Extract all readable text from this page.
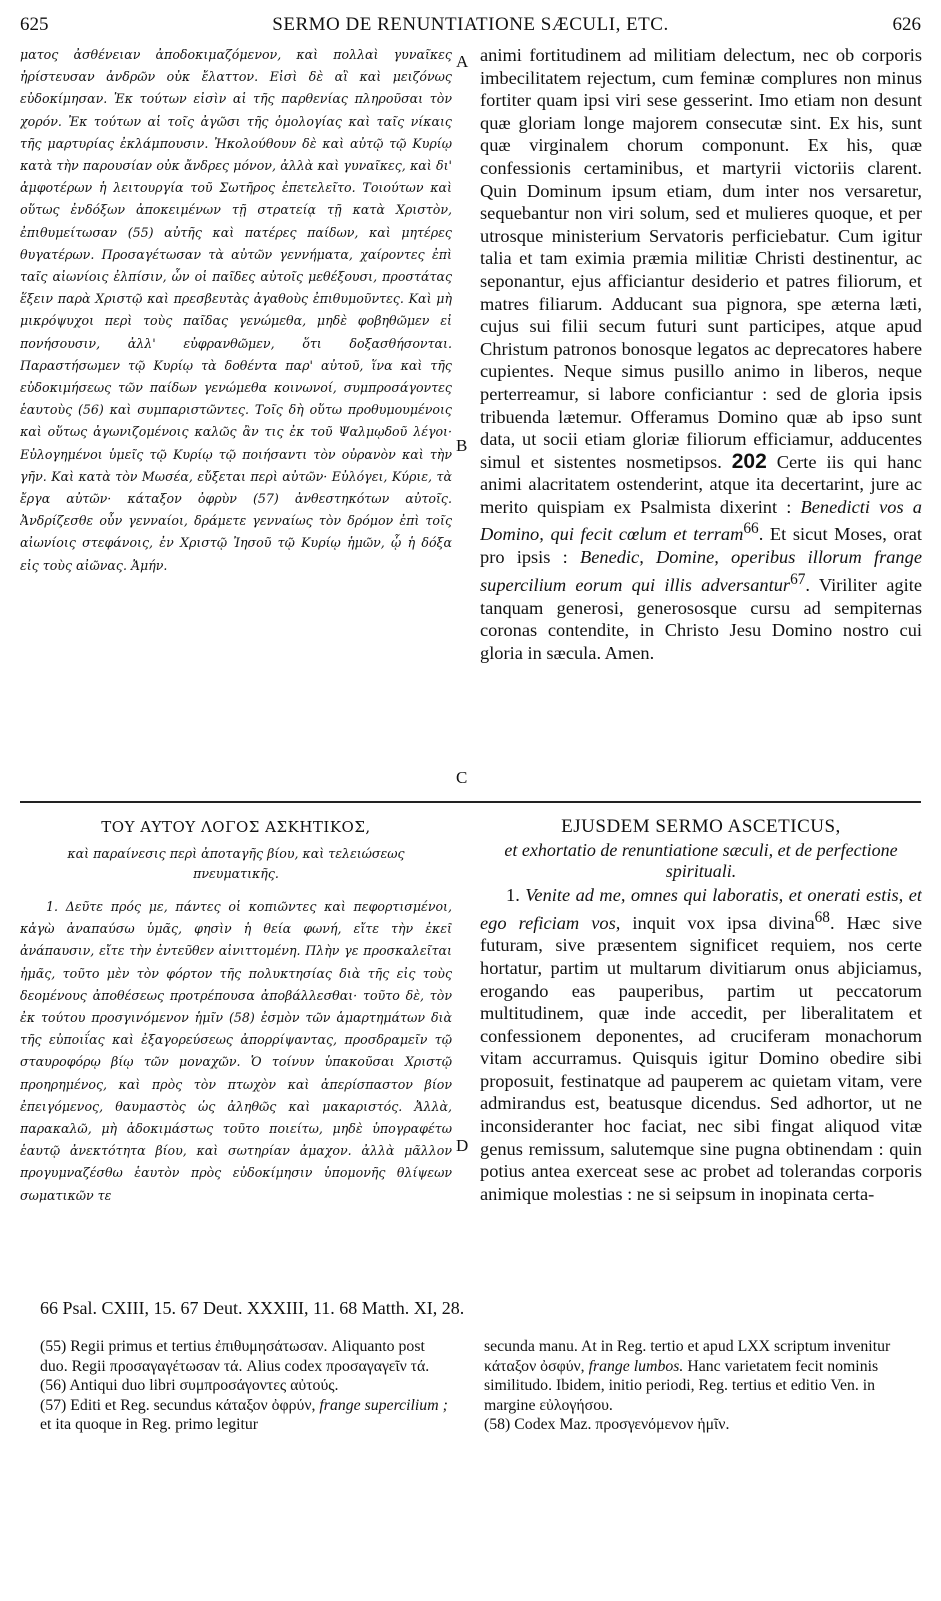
625	SERMO DE RENUNTIATIONE SÆCULI, ETC.	626

ματος ἀσθένειαν ἀποδοκιμαζόμενον, καὶ πολλαὶ γυναῖκες ἠρίστευσαν ἀνδρῶν οὐκ ἔλαττον. Εἰσὶ δὲ αἳ καὶ μειζόνως εὐδοκίμησαν. Ἐκ τούτων εἰσὶν αἱ τῆς παρθενίας πληροῦσαι τὸν χορόν. Ἐκ τούτων αἱ τοῖς ἀγῶσι τῆς ὁμολογίας καὶ ταῖς νίκαις τῆς μαρτυρίας ἐκλάμπουσιν. Ἠκολούθουν δὲ καὶ αὐτῷ τῷ Κυρίῳ κατὰ τὴν παρουσίαν οὐκ ἄνδρες μόνον, ἀλλὰ καὶ γυναῖκες, καὶ δι' ἀμφοτέρων ἡ λειτουργία τοῦ Σωτῆρος ἐπετελεῖτο. Τοιούτων καὶ οὕτως ἐνδόξων ἀποκειμένων τῇ στρατείᾳ τῇ κατὰ Χριστὸν, ἐπιθυμείτωσαν (55) αὐτῆς καὶ πατέρες παίδων, καὶ μητέρες θυγατέρων. Προσαγέτωσαν τὰ αὐτῶν γεννήματα, χαίροντες ἐπὶ ταῖς αἰωνίοις ἐλπίσιν, ὧν οἱ παῖδες αὐτοῖς μεθέξουσι, προστάτας ἕξειν παρὰ Χριστῷ καὶ πρεσβευτὰς ἀγαθοὺς ἐπιθυμοῦντες. Καὶ μὴ μικρόψυχοι περὶ τοὺς παῖδας γενώμεθα, μηδὲ φοβηθῶμεν εἰ πονήσουσιν, ἀλλ' εὐφρανθῶμεν, ὅτι δοξασθήσονται. Παραστήσωμεν τῷ Κυρίῳ τὰ δοθέντα παρ' αὐτοῦ, ἵνα καὶ τῆς εὐδοκιμήσεως τῶν παίδων γενώμεθα κοινωνοί, συμπροσάγοντες ἑαυτοὺς (56) καὶ συμπαριστῶντες. Τοῖς δὴ οὕτω προθυμουμένοις καὶ οὕτως ἀγωνιζομένοις καλῶς ἂν τις ἐκ τοῦ Ψαλμῳδοῦ λέγοι· Εὐλογημένοι ὑμεῖς τῷ Κυρίῳ τῷ ποιήσαντι τὸν οὐρανὸν καὶ τὴν γῆν. Καὶ κατὰ τὸν Μωσέα, εὔξεται περὶ αὐτῶν· Εὐλόγει, Κύριε, τὰ ἔργα αὐτῶν· κάταξον ὀφρὺν (57) ἀνθεστηκότων αὐτοῖς. Ἀνδρίζεσθε οὖν γενναίοι, δράμετε γενναίως τὸν δρόμον ἐπὶ τοῖς αἰωνίοις στεφάνοις, ἐν Χριστῷ Ἰησοῦ τῷ Κυρίῳ ἡμῶν, ᾧ ἡ δόξα εἰς τοὺς αἰῶνας. Ἀμήν.

A
B
C
D

animi fortitudinem ad militiam delectum, nec ob corporis imbecilitatem rejectum, cum feminæ complures non minus fortiter quam ipsi viri sese gesserint. Imo etiam non desunt quæ gloriam longe majorem consecutæ sint. Ex his, sunt quæ virginalem chorum componunt. Ex his, quæ confessionis certaminibus, et martyrii victoriis clarent. Quin Dominum ipsum etiam, dum inter nos versaretur, sequebantur non viri solum, sed et mulieres quoque, et per utrosque ministerium Servatoris perficiebatur. Cum igitur talia et tam eximia præmia militiæ Christi destinentur, ac seponantur, ejus afficiantur desiderio et patres filiorum, et matres filiarum. Adducant sua pignora, spe æterna læti, cujus sui filii secum futuri sunt participes, atque apud Christum patronos bonosque legatos ac deprecatores habere cupientes. Neque simus pusillo animo in liberos, neque perterreamur, si labore conficiantur : sed de gloria ipsis tribuenda lætemur. Offeramus Domino quæ ab ipso sunt data, ut socii etiam gloriæ filiorum efficiamur, adducentes simul et sistentes nosmetipsos. 202 Certe iis qui hanc animi alacritatem ostenderint, atque ita decertarint, jure ac merito quispiam ex Psalmista dixerint : Benedicti vos a Domino, qui fecit cœlum et terram$^{66}$. Et sicut Moses, orat pro ipsis : Benedic, Domine, operibus illorum frange supercilium eorum qui illis adversantur$^{67}$. Viriliter agite tanquam generosi, generososque cursu ad sempiternas coronas contendite, in Christo Jesu Domino nostro cui gloria in sæcula. Amen.

ΤΟΥ ΑΥΤΟΥ ΛΟΓΟΣ ΑΣΚΗΤΙΚΟΣ,
καὶ παραίνεσις περὶ ἀποταγῆς βίου, καὶ τελειώσεως πνευματικῆς.
EJUSDEM SERMO ASCETICUS,
et exhortatio de renuntiatione sæculi, et de perfectione spirituali.

1. Δεῦτε πρός με, πάντες οἱ κοπιῶντες καὶ πεφορτισμένοι, κἀγὼ ἀναπαύσω ὑμᾶς, φησὶν ἡ θεία φωνή, εἴτε τὴν ἐκεῖ ἀνάπαυσιν, εἴτε τὴν ἐντεῦθεν αἰνιττομένη. Πλὴν γε προσκαλεῖται ἡμᾶς, τοῦτο μὲν τὸν φόρτον τῆς πολυκτησίας διὰ τῆς εἰς τοὺς δεομένους ἀποθέσεως προτρέπουσα ἀποβάλλεσθαι· τοῦτο δὲ, τὸν ἐκ τούτου προσγινόμενον ἡμῖν (58) ἐσμὸν τῶν ἁμαρτημάτων διὰ τῆς εὐποιΐας καὶ ἐξαγορεύσεως ἀπορρίψαντας, προσδραμεῖν τῷ σταυροφόρῳ βίῳ τῶν μοναχῶν. Ὁ τοίνυν ὑπακοῦσαι Χριστῷ προηρημένος, καὶ πρὸς τὸν πτωχὸν καὶ ἀπερίσπαστον βίον ἐπειγόμενος, θαυμαστὸς ὡς ἀληθῶς καὶ μακαριστός. Ἀλλὰ, παρακαλῶ, μὴ ἀδοκιμάστως τοῦτο ποιείτω, μηδὲ ὑπογραφέτω ἑαυτῷ ἀνεκτότητα βίου, καὶ σωτηρίαν ἀμαχον. ἀλλὰ μᾶλλον προγυμναζέσθω ἑαυτὸν πρὸς εὐδοκίμησιν ὑπομονῆς θλίψεων σωματικῶν τε

1. Venite ad me, omnes qui laboratis, et onerati estis, et ego reficiam vos, inquit vox ipsa divina$^{68}$. Hæc sive futuram, sive præsentem significet requiem, nos certe hortatur, partim ut multarum divitiarum onus abjiciamus, erogando eas pauperibus, partim ut peccatorum multitudinem, quæ inde accedit, per liberalitatem et confessionem deponentes, ad cruciferam monachorum vitam accurramus. Quisquis igitur Domino obedire sibi proposuit, festinatque ad pauperem ac quietam vitam, vere admirandus est, beatusque dicendus. Sed adhortor, ut ne inconsideranter hoc faciat, nec sibi fingat aliquod vitæ genus remissum, salutemque sine pugna obtinendam : quin potius antea exerceat sese ac probet ad tolerandas corporis animique molestias : ne si seipsum in inopinata certa-

66 Psal. CXIII, 15. 67 Deut. XXXIII, 11. 68 Matth. XI, 28.

(55) Regii primus et tertius ἐπιθυμησάτωσαν. Aliquanto post duo. Regii προσαγαγέτωσαν τά. Alius codex προσαγαγεῖν τά.

(56) Antiqui duo libri συμπροσάγοντες αὐτούς.

(57) Editi et Reg. secundus κάταξον ὀφρύν, frange supercilium ; et ita quoque in Reg. primo legitur

secunda manu. At in Reg. tertio et apud LXX scriptum invenitur κάταξον ὀσφύν, frange lumbos. Hanc varietatem fecit nominis similitudo. Ibidem, initio periodi, Reg. tertius et editio Ven. in margine εὐλογήσου.

(58) Codex Maz. προσγενόμενον ἡμῖν.
